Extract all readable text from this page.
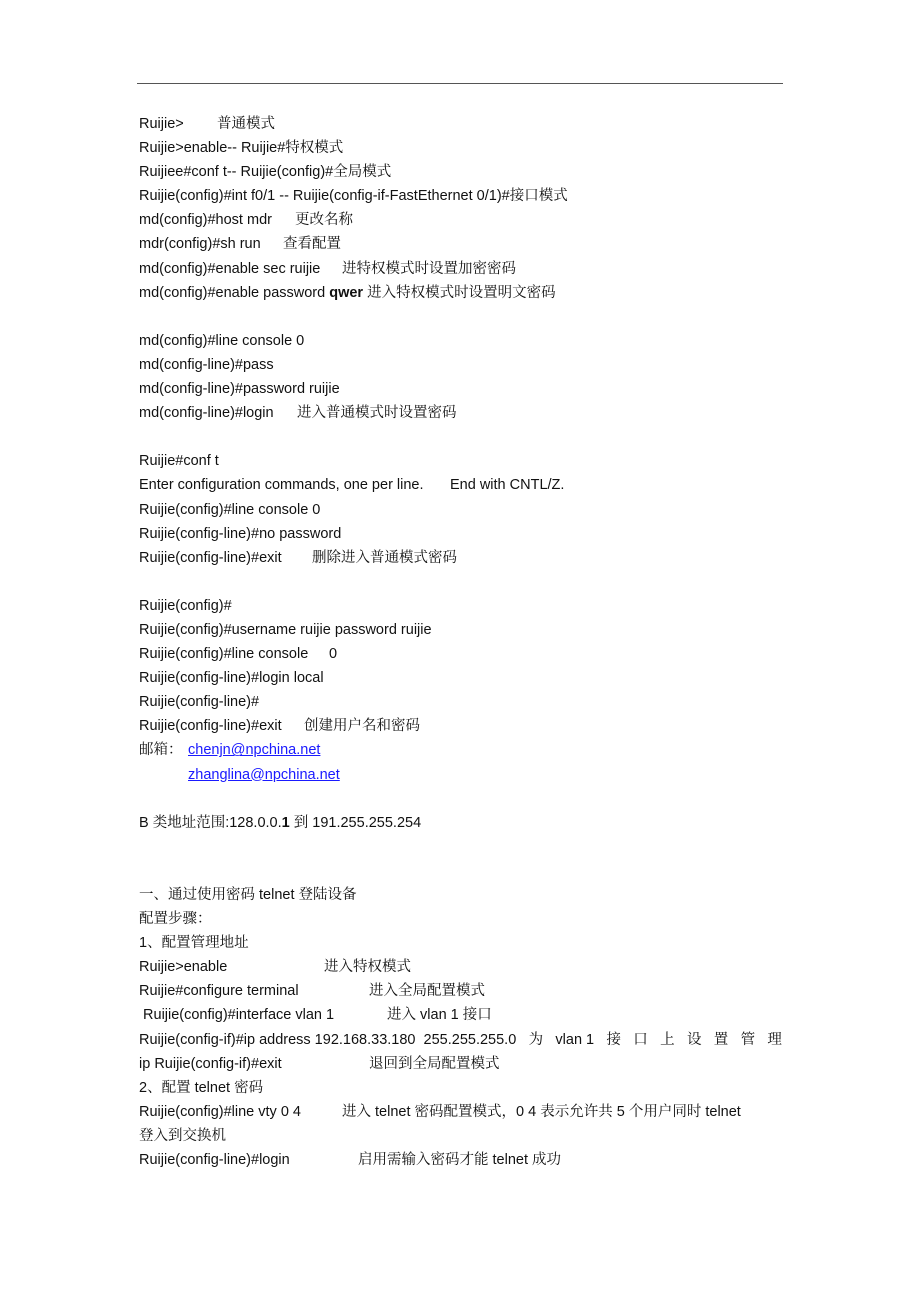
Ruijie> 普通模式
Ruijie>enable-- Ruijie#特权模式
Ruijiee#conf t-- Ruijie(config)#全局模式
Ruijie(config)#int f0/1 -- Ruijie(config-if-FastEthernet 0/1)#接口模式
md(config)#host mdr 更改名称
mdr(config)#sh run 查看配置
md(config)#enable sec ruijie 进特权模式时设置加密密码
md(config)#enable password qwer 进入特权模式时设置明文密码
md(config)#line console 0
md(config-line)#pass
md(config-line)#password ruijie
md(config-line)#login 进入普通模式时设置密码
Ruijie#conf t
Enter configuration commands, one per line. End with CNTL/Z.
Ruijie(config)#line console 0
Ruijie(config-line)#no password
Ruijie(config-line)#exit 删除进入普通模式密码
Ruijie(config)#
Ruijie(config)#username ruijie password ruijie
Ruijie(config)#line console 0
Ruijie(config-line)#login local
Ruijie(config-line)#
Ruijie(config-line)#exit 创建用户名和密码
邮箱： chenjn@npchina.net
zhanglina@npchina.net
B 类地址范围:128.0.0.1 到 191.255.255.254
一、通过使用密码 telnet 登陆设备
配置步骤：
1、配置管理地址
Ruijie>enable	进入特权模式
Ruijie#configure terminal	进入全局配置模式
Ruijie(config)#interface vlan 1	进入 vlan 1 接口
Ruijie(config-if)#ip address 192.168.33.180  255.255.255.0 为 vlan 1 接 口 上 设 置 管 理
ip Ruijie(config-if)#exit	退回到全局配置模式
2、配置 telnet 密码
Ruijie(config)#line vty 0 4	进入 telnet 密码配置模式，0 4 表示允许共 5 个用户同时 telnet
登入到交换机
Ruijie(config-line)#login	启用需输入密码才能 telnet 成功
